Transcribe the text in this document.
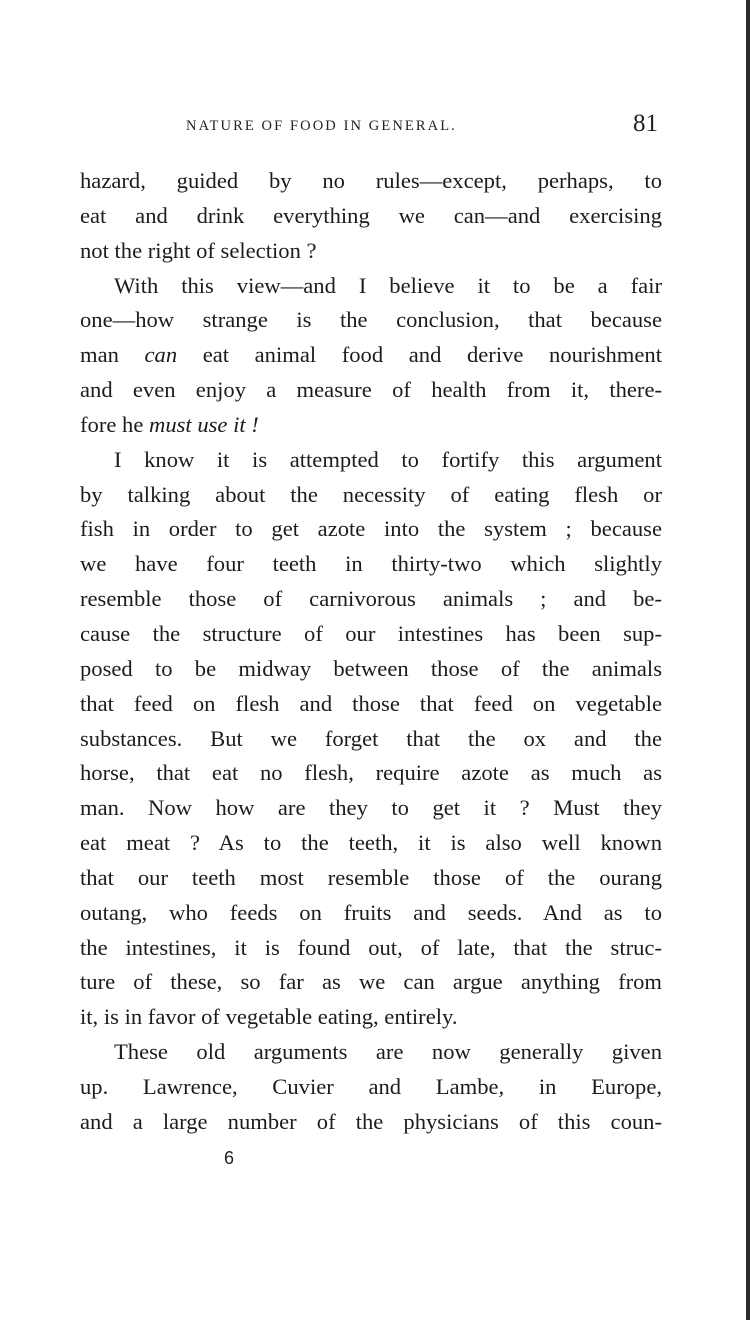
NATURE OF FOOD IN GENERAL.	81
hazard, guided by no rules—except, perhaps, to
eat and drink everything we can—and exercising
not the right of selection ?
With this view—and I believe it to be a fair
one—how strange is the conclusion, that because
man can eat animal food and derive nourishment
and even enjoy a measure of health from it, there-
fore he must use it !
I know it is attempted to fortify this argument
by talking about the necessity of eating flesh or
fish in order to get azote into the system ; because
we have four teeth in thirty-two which slightly
resemble those of carnivorous animals ; and be-
cause the structure of our intestines has been sup-
posed to be midway between those of the animals
that feed on flesh and those that feed on vegetable
substances. But we forget that the ox and the
horse, that eat no flesh, require azote as much as
man. Now how are they to get it ? Must they
eat meat ? As to the teeth, it is also well known
that our teeth most resemble those of the ourang
outang, who feeds on fruits and seeds. And as to
the intestines, it is found out, of late, that the struc-
ture of these, so far as we can argue anything from
it, is in favor of vegetable eating, entirely.
These old arguments are now generally given
up. Lawrence, Cuvier and Lambe, in Europe,
and a large number of the physicians of this coun-
6
